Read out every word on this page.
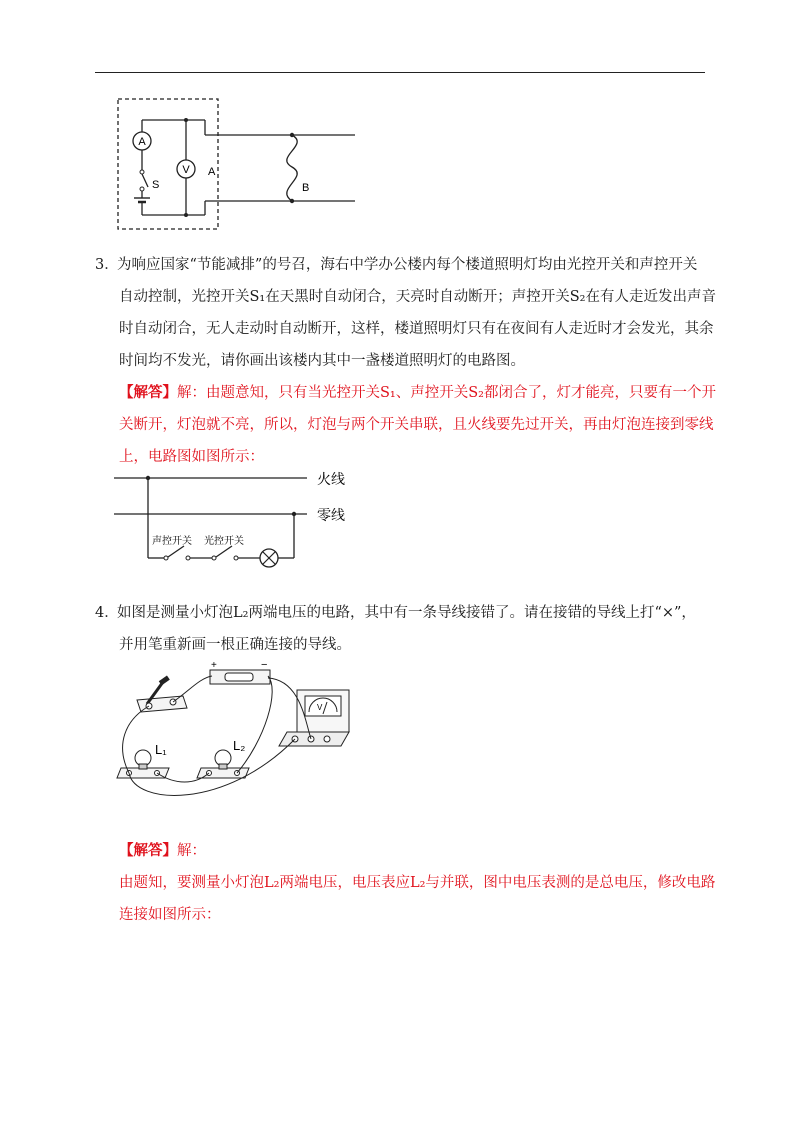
A
S
V A
B
3．为响应国家“节能减排”的号召，海右中学办公楼内每个楼道照明灯均由光控开关和声控开关
自动控制，光控开关S₁在天黑时自动闭合，天亮时自动断开；声控开关S₂在有人走近发出声音
时自动闭合，无人走动时自动断开，这样，楼道照明灯只有在夜间有人走近时才会发光，其余
时间均不发光，请你画出该楼内其中一盏楼道照明灯的电路图。
【解答】解：由题意知，只有当光控开关S₁、声控开关S₂都闭合了，灯才能亮，只要有一个开
关断开，灯泡就不亮，所以，灯泡与两个开关串联，且火线要先过开关，再由灯泡连接到零线
上，电路图如图所示：
火线
零线
声控开关 光控开关
4．如图是测量小灯泡L₂两端电压的电路，其中有一条导线接错了。请在接错的导线上打“×”，
并用笔重新画一根正确连接的导线。
+	−
V
L₁	L₂
【解答】解：
由题知，要测量小灯泡L₂两端电压，电压表应L₂与并联，图中电压表测的是总电压，修改电路
连接如图所示：
